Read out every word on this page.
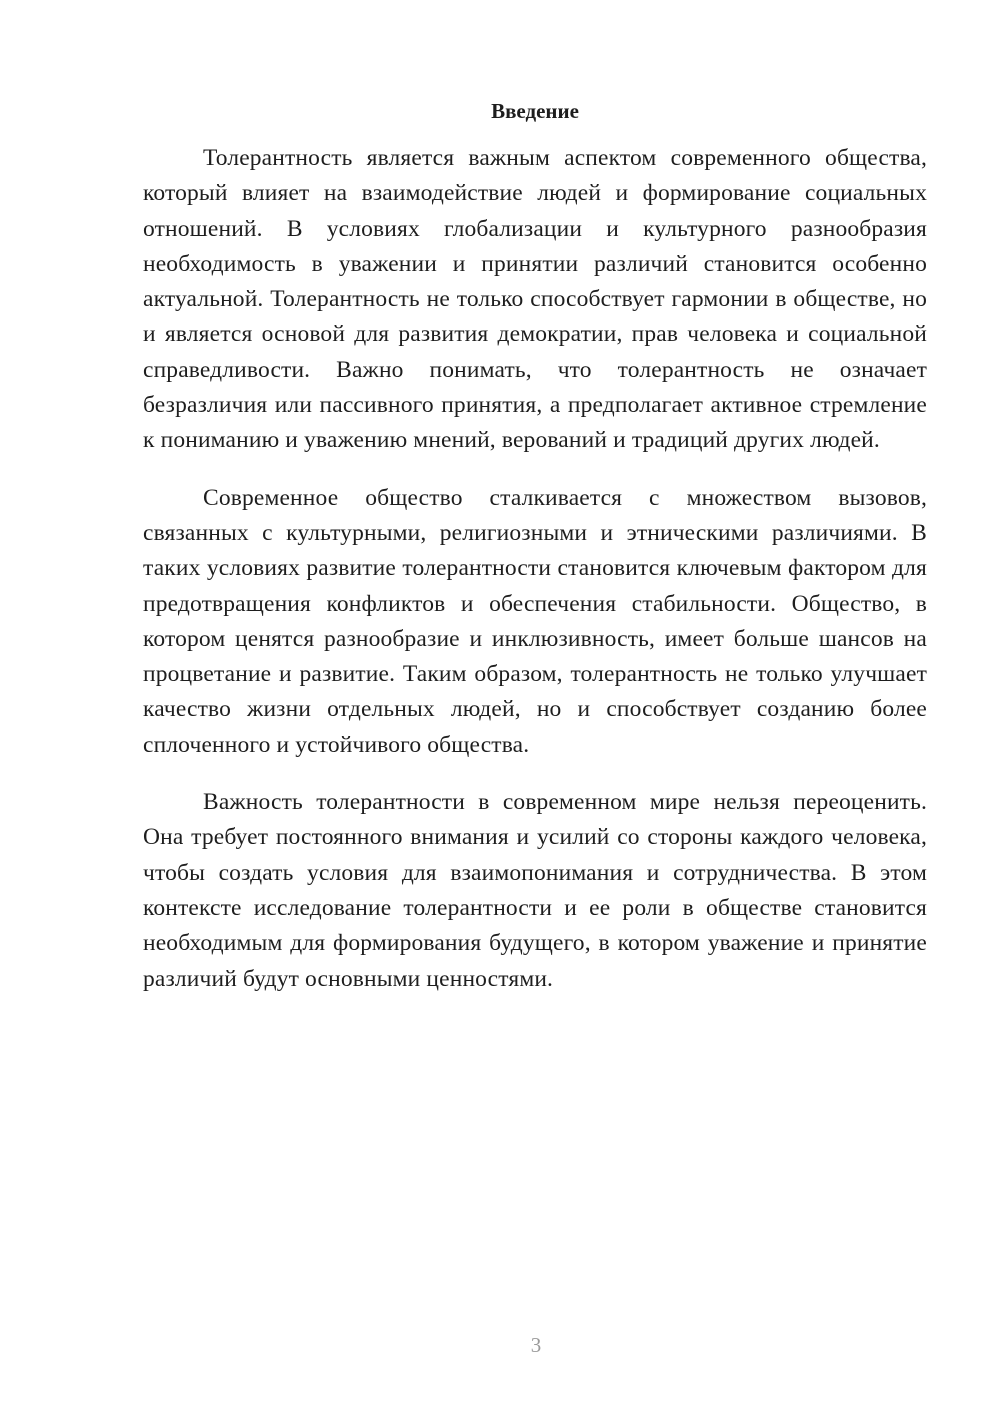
Введение

Толерантность является важным аспектом современного общества, который влияет на взаимодействие людей и формирование социальных отношений. В условиях глобализации и культурного разнообразия необходимость в уважении и принятии различий становится особенно актуальной. Толерантность не только способствует гармонии в обществе, но и является основой для развития демократии, прав человека и социальной справедливости. Важно понимать, что толерантность не означает безразличия или пассивного принятия, а предполагает активное стремление к пониманию и уважению мнений, верований и традиций других людей.

Современное общество сталкивается с множеством вызовов, связанных с культурными, религиозными и этническими различиями. В таких условиях развитие толерантности становится ключевым фактором для предотвращения конфликтов и обеспечения стабильности. Общество, в котором ценятся разнообразие и инклюзивность, имеет больше шансов на процветание и развитие. Таким образом, толерантность не только улучшает качество жизни отдельных людей, но и способствует созданию более сплоченного и устойчивого общества.

Важность толерантности в современном мире нельзя переоценить. Она требует постоянного внимания и усилий со стороны каждого человека, чтобы создать условия для взаимопонимания и сотрудничества. В этом контексте исследование толерантности и ее роли в обществе становится необходимым для формирования будущего, в котором уважение и принятие различий будут основными ценностями.

3
